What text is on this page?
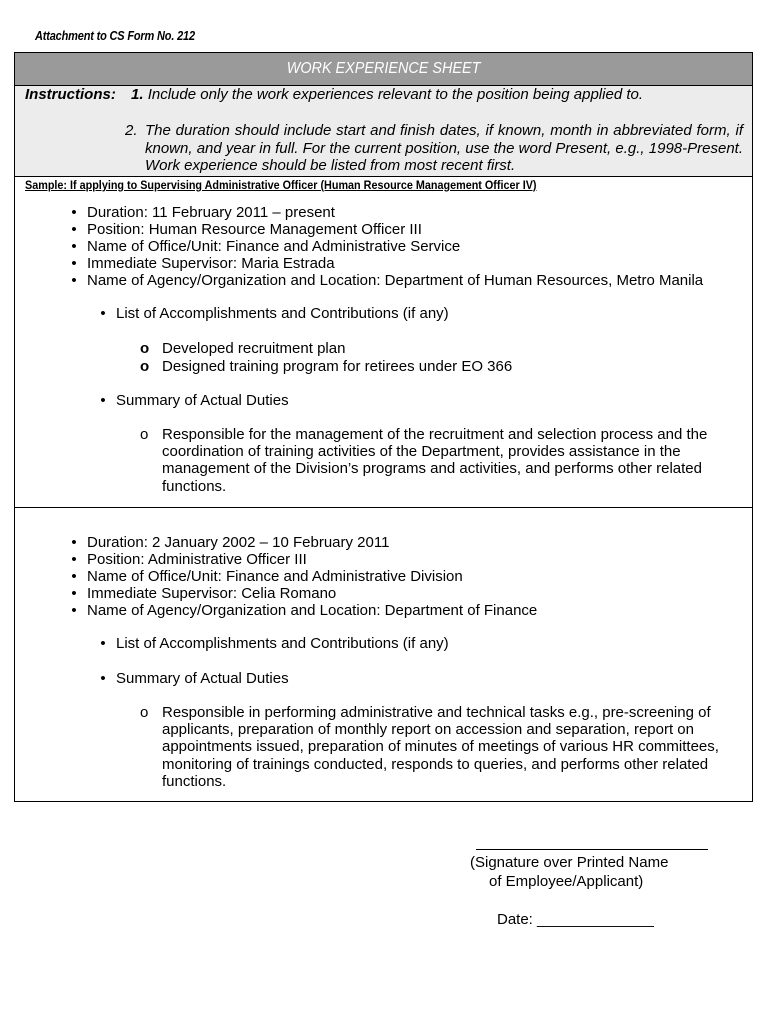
Attachment to CS Form No. 212
WORK EXPERIENCE SHEET
Instructions: 1. Include only the work experiences relevant to the position being applied to.
2. The duration should include start and finish dates, if known, month in abbreviated form, if known, and year in full. For the current position, use the word Present, e.g., 1998-Present. Work experience should be listed from most recent first.
Sample: If applying to Supervising Administrative Officer (Human Resource Management Officer IV)
• Duration: 11 February 2011 – present
• Position: Human Resource Management Officer III
• Name of Office/Unit: Finance and Administrative Service
• Immediate Supervisor: Maria Estrada
• Name of Agency/Organization and Location: Department of Human Resources, Metro Manila
• List of Accomplishments and Contributions (if any)
o Developed recruitment plan
o Designed training program for retirees under EO 366
• Summary of Actual Duties
o Responsible for the management of the recruitment and selection process and the coordination of training activities of the Department, provides assistance in the management of the Division’s programs and activities, and performs other related functions.
• Duration: 2 January 2002 – 10 February 2011
• Position: Administrative Officer III
• Name of Office/Unit: Finance and Administrative Division
• Immediate Supervisor: Celia Romano
• Name of Agency/Organization and Location: Department of Finance
• List of Accomplishments and Contributions (if any)
• Summary of Actual Duties
o Responsible in performing administrative and technical tasks e.g., pre-screening of applicants, preparation of monthly report on accession and separation, report on appointments issued, preparation of minutes of meetings of various HR committees, monitoring of trainings conducted, responds to queries, and performs other related functions.
(Signature over Printed Name
of Employee/Applicant)
Date: ______________
